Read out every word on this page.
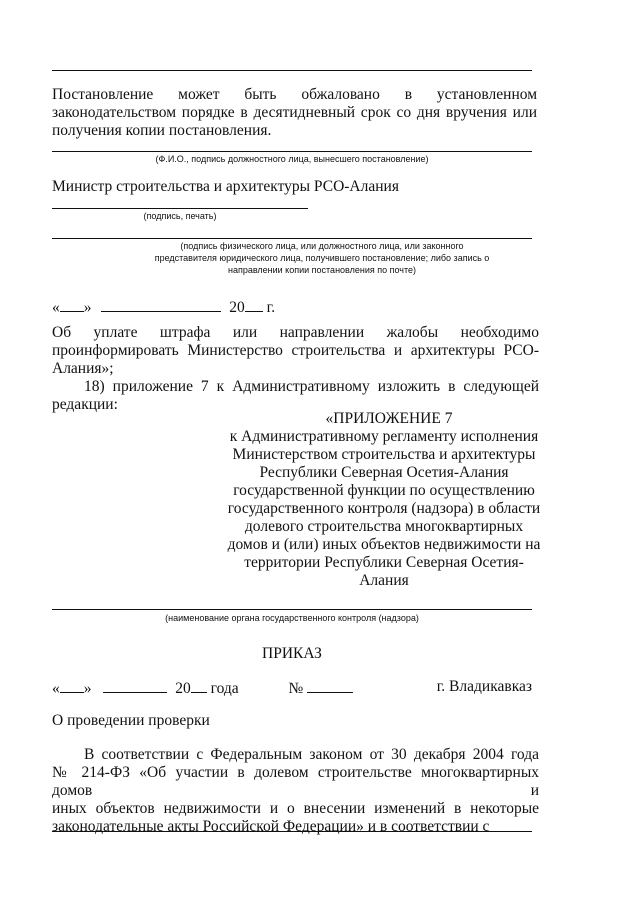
Постановление может быть обжаловано в установленном
законодательством порядке в десятидневный срок со дня вручения или
получения копии постановления.
(Ф.И.О., подпись должностного лица, вынесшего постановление)
Министр строительства и архитектуры РСО-Алания
(подпись, печать)
(подпись физического лица, или должностного лица, или законного
представителя юридического лица, получившего постановление; либо запись о
направлении копии постановления по почте)
« »	20 г.
Об уплате штрафа или направлении жалобы необходимо
проинформировать Министерство строительства и архитектуры РСО-
Алания»;
18) приложение 7 к Административному изложить в следующей
редакции:
«ПРИЛОЖЕНИЕ 7
к Административному регламенту исполнения
Министерством строительства и архитектуры
Республики Северная Осетия-Алания
государственной функции по осуществлению
государственного контроля (надзора) в области
долевого строительства многоквартирных
домов и (или) иных объектов недвижимости на
территории Республики Северная Осетия-
Алания
(наименование органа государственного контроля (надзора)
ПРИКАЗ
« »	20 года	№	г. Владикавказ
О проведении проверки
В соответствии с Федеральным законом от 30 декабря 2004 года
№ 214-ФЗ «Об участии в долевом строительстве многоквартирных домов и
иных объектов недвижимости и о внесении изменений в некоторые
законодательные акты Российской Федерации» и в соответствии с
